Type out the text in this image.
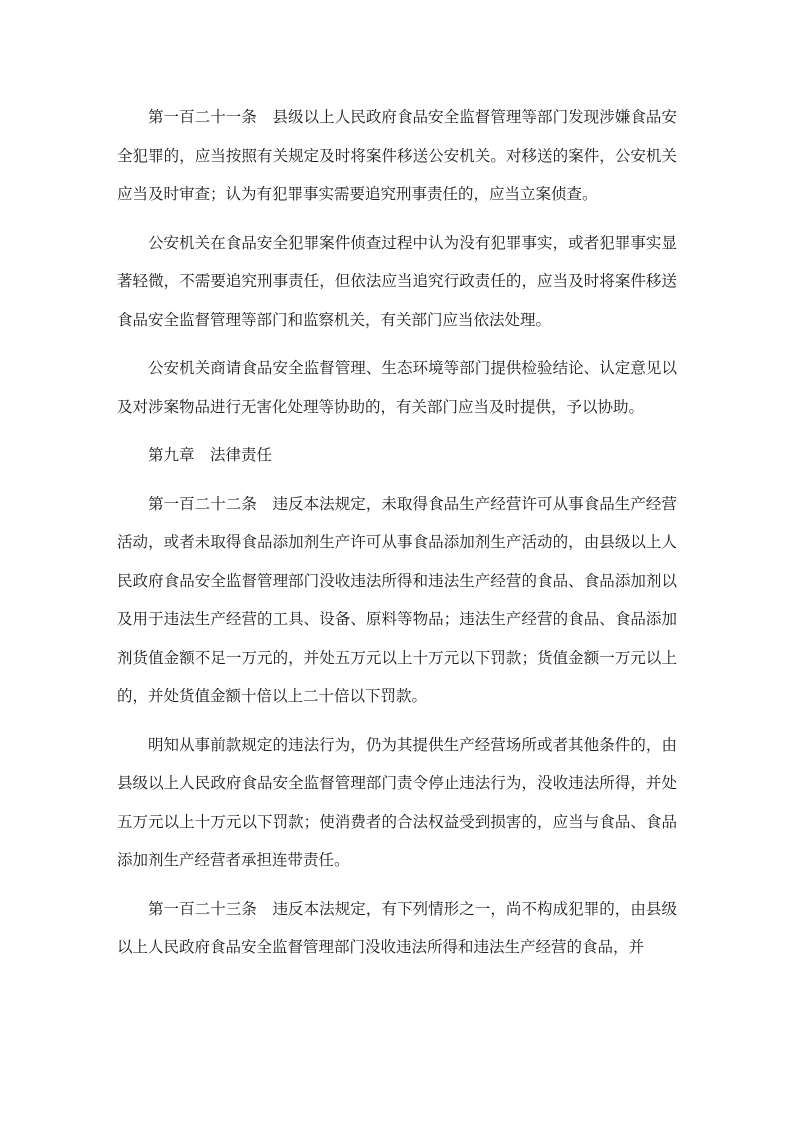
第一百二十一条　县级以上人民政府食品安全监督管理等部门发现涉嫌食品安全犯罪的，应当按照有关规定及时将案件移送公安机关。对移送的案件，公安机关应当及时审查；认为有犯罪事实需要追究刑事责任的，应当立案侦查。

公安机关在食品安全犯罪案件侦查过程中认为没有犯罪事实，或者犯罪事实显著轻微，不需要追究刑事责任，但依法应当追究行政责任的，应当及时将案件移送食品安全监督管理等部门和监察机关，有关部门应当依法处理。

公安机关商请食品安全监督管理、生态环境等部门提供检验结论、认定意见以及对涉案物品进行无害化处理等协助的，有关部门应当及时提供，予以协助。

第九章　法律责任

第一百二十二条　违反本法规定，未取得食品生产经营许可从事食品生产经营活动，或者未取得食品添加剂生产许可从事食品添加剂生产活动的，由县级以上人民政府食品安全监督管理部门没收违法所得和违法生产经营的食品、食品添加剂以及用于违法生产经营的工具、设备、原料等物品；违法生产经营的食品、食品添加剂货值金额不足一万元的，并处五万元以上十万元以下罚款；货值金额一万元以上的，并处货值金额十倍以上二十倍以下罚款。

明知从事前款规定的违法行为，仍为其提供生产经营场所或者其他条件的，由县级以上人民政府食品安全监督管理部门责令停止违法行为，没收违法所得，并处五万元以上十万元以下罚款；使消费者的合法权益受到损害的，应当与食品、食品添加剂生产经营者承担连带责任。

第一百二十三条　违反本法规定，有下列情形之一，尚不构成犯罪的，由县级以上人民政府食品安全监督管理部门没收违法所得和违法生产经营的食品，并
